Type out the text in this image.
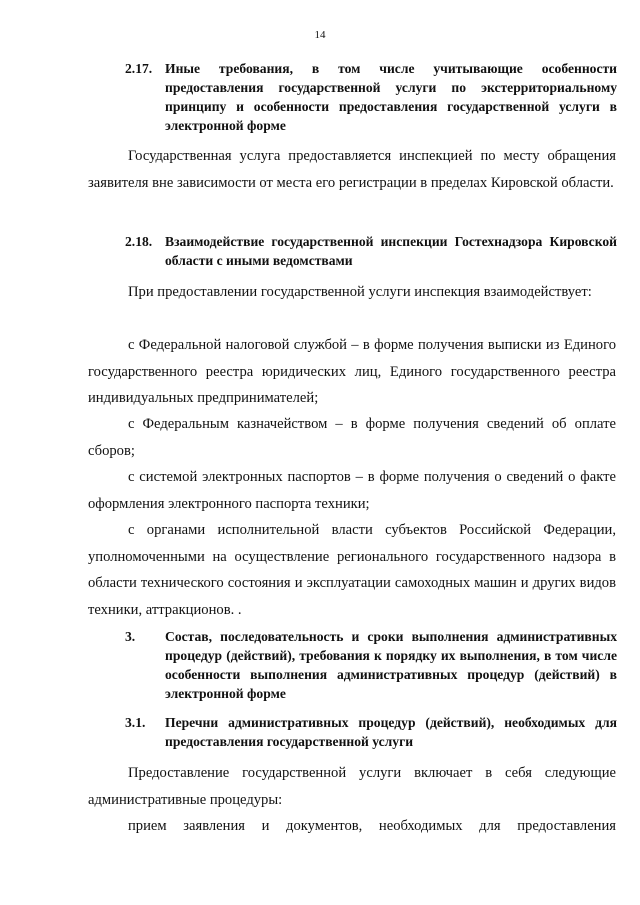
14
2.17. Иные требования, в том числе учитывающие особенности предоставления государственной услуги по экстерриториальному принципу и особенности предоставления государственной услуги в электронной форме
Государственная услуга предоставляется инспекцией по месту обращения заявителя вне зависимости от места его регистрации в пределах Кировской области.
2.18. Взаимодействие государственной инспекции Гостехнадзора Кировской области с иными ведомствами
При предоставлении государственной услуги инспекция взаимодействует:
с Федеральной налоговой службой – в форме получения выписки из Единого государственного реестра юридических лиц, Единого государственного реестра индивидуальных предпринимателей;
с Федеральным казначейством – в форме получения сведений об оплате сборов;
с системой электронных паспортов – в форме получения о сведений о факте оформления электронного паспорта техники;
с органами исполнительной власти субъектов Российской Федерации, уполномоченными на осуществление регионального государственного надзора в области технического состояния и эксплуатации самоходных машин и других видов техники, аттракционов. .
3. Состав, последовательность и сроки выполнения административных процедур (действий), требования к порядку их выполнения, в том числе особенности выполнения административных процедур (действий) в электронной форме
3.1. Перечни административных процедур (действий), необходимых для предоставления государственной услуги
Предоставление государственной услуги включает в себя следующие административные процедуры:
прием заявления и документов, необходимых для предоставления
